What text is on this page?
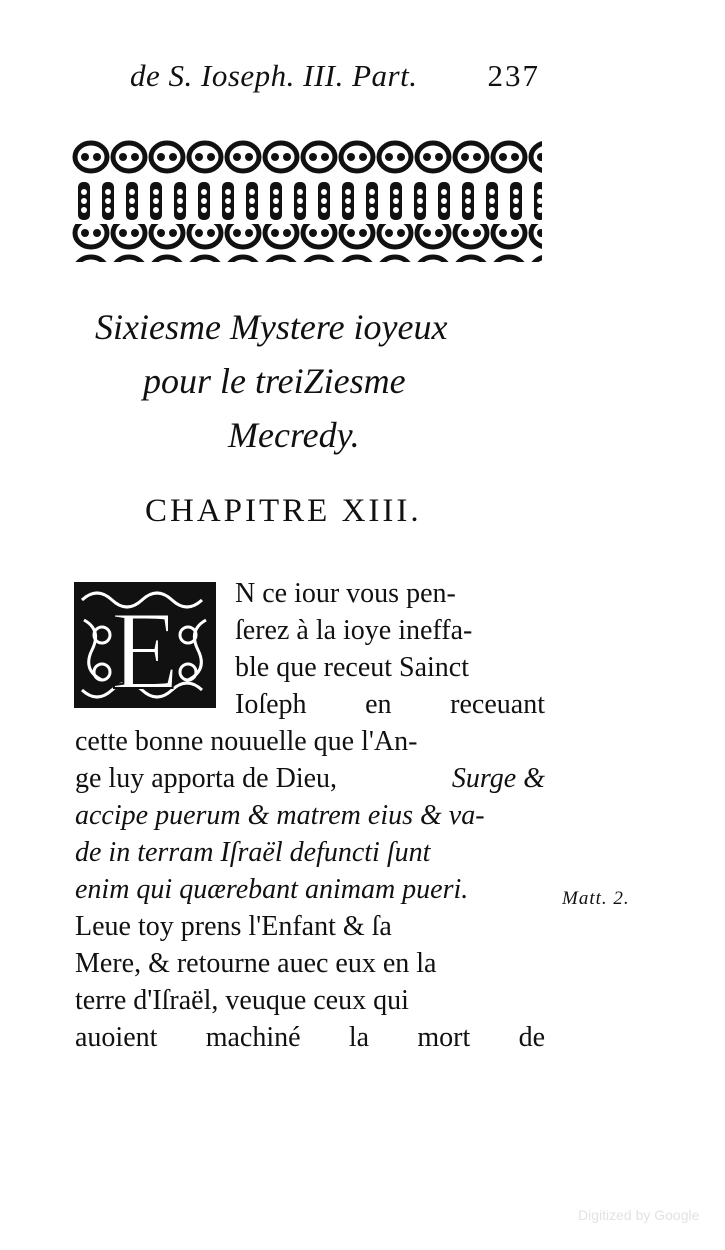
de S. Ioseph. III. Part. 237
Sixiesme Mystere ioyeux
pour le treiZiesme
Mecredy.
CHAPITRE XIII.
E N ce iour vous pen-
ſerez à la ioye ineffa-
ble que receut Sainct
Ioſeph en receuant
cette bonne nouuelle que l'An-
ge luy apporta de Dieu,	Surge &
accipe puerum & matrem eius & va-
de in terram Iſraël defuncti ſunt
enim qui quærebant animam pueri.
Leue toy prens l'Enfant & ſa
Mere, & retourne auec eux en la
terre d'Iſraël, veuque ceux qui
auoient machiné la mort de
Matt. 2.
Digitized by Google
